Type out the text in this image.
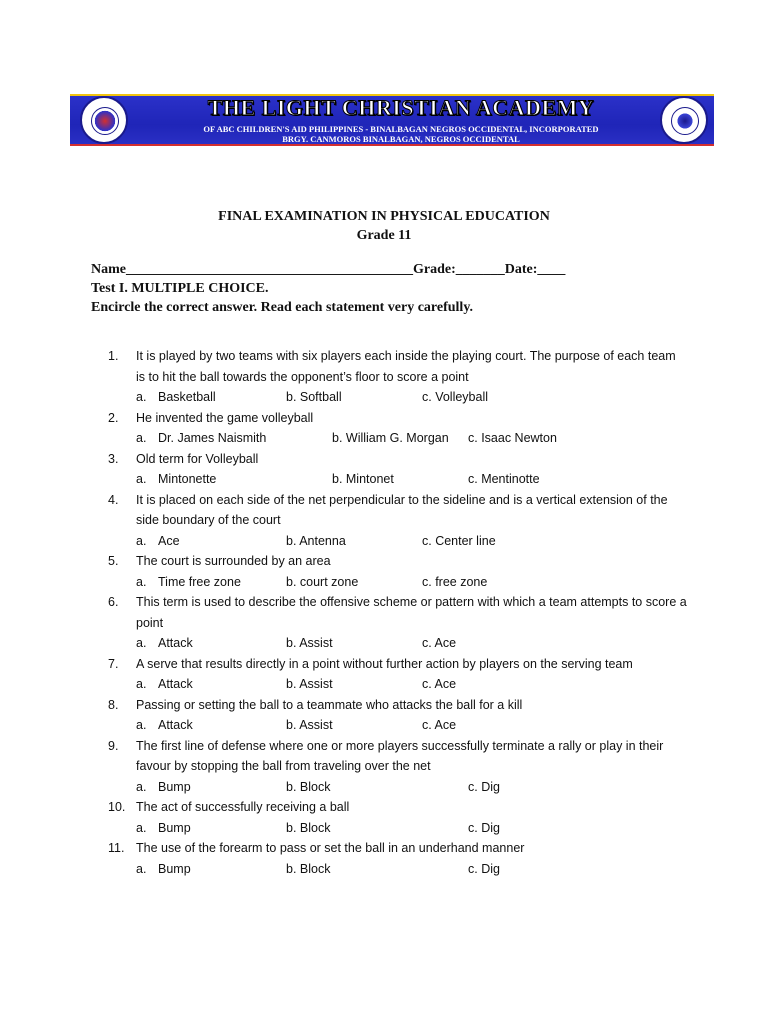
THE LIGHT CHRISTIAN ACADEMY
OF ABC CHILDREN'S AID PHILIPPINES - BINALBAGAN NEGROS OCCIDENTAL, INCORPORATED
BRGY. CANMOROS BINALBAGAN, NEGROS OCCIDENTAL
FINAL EXAMINATION IN PHYSICAL EDUCATION
Grade 11
Name_________________________________________Grade:_______Date:____
Test I. MULTIPLE CHOICE.
Encircle the correct answer. Read each statement very carefully.
1.	It is played by two teams with six players each inside the playing court. The purpose of each team is to hit the ball towards the opponent’s floor to score a point
a. Basketball	b. Softball	c. Volleyball
2.	He invented the game volleyball
a. Dr. James Naismith	b. William G. Morgan c. Isaac Newton
3.	Old term for Volleyball
a. Mintonette	b. Mintonet	c. Mentinotte
4.	It is placed on each side of the net perpendicular to the sideline and is a vertical extension of the side boundary of the court
a. Ace	b. Antenna	c. Center line
5.	The court is surrounded by an area
a. Time free zone	b. court zone	c. free zone
6.	This term is used to describe the offensive scheme or pattern with which a team attempts to score a point
a. Attack	b. Assist	c. Ace
7.	A serve that results directly in a point without further action by players on the serving team
a. Attack	b. Assist	c. Ace
8.	Passing or setting the ball to a teammate who attacks the ball for a kill
a. Attack	b. Assist	c. Ace
9.	The first line of defense where one or more players successfully terminate a rally or play in their favour by stopping the ball from traveling over the net
a. Bump	b. Block	c. Dig
10. The act of successfully receiving a ball
a. Bump	b. Block	c. Dig
11. The use of the forearm to pass or set the ball in an underhand manner
a. Bump	b. Block	c. Dig
